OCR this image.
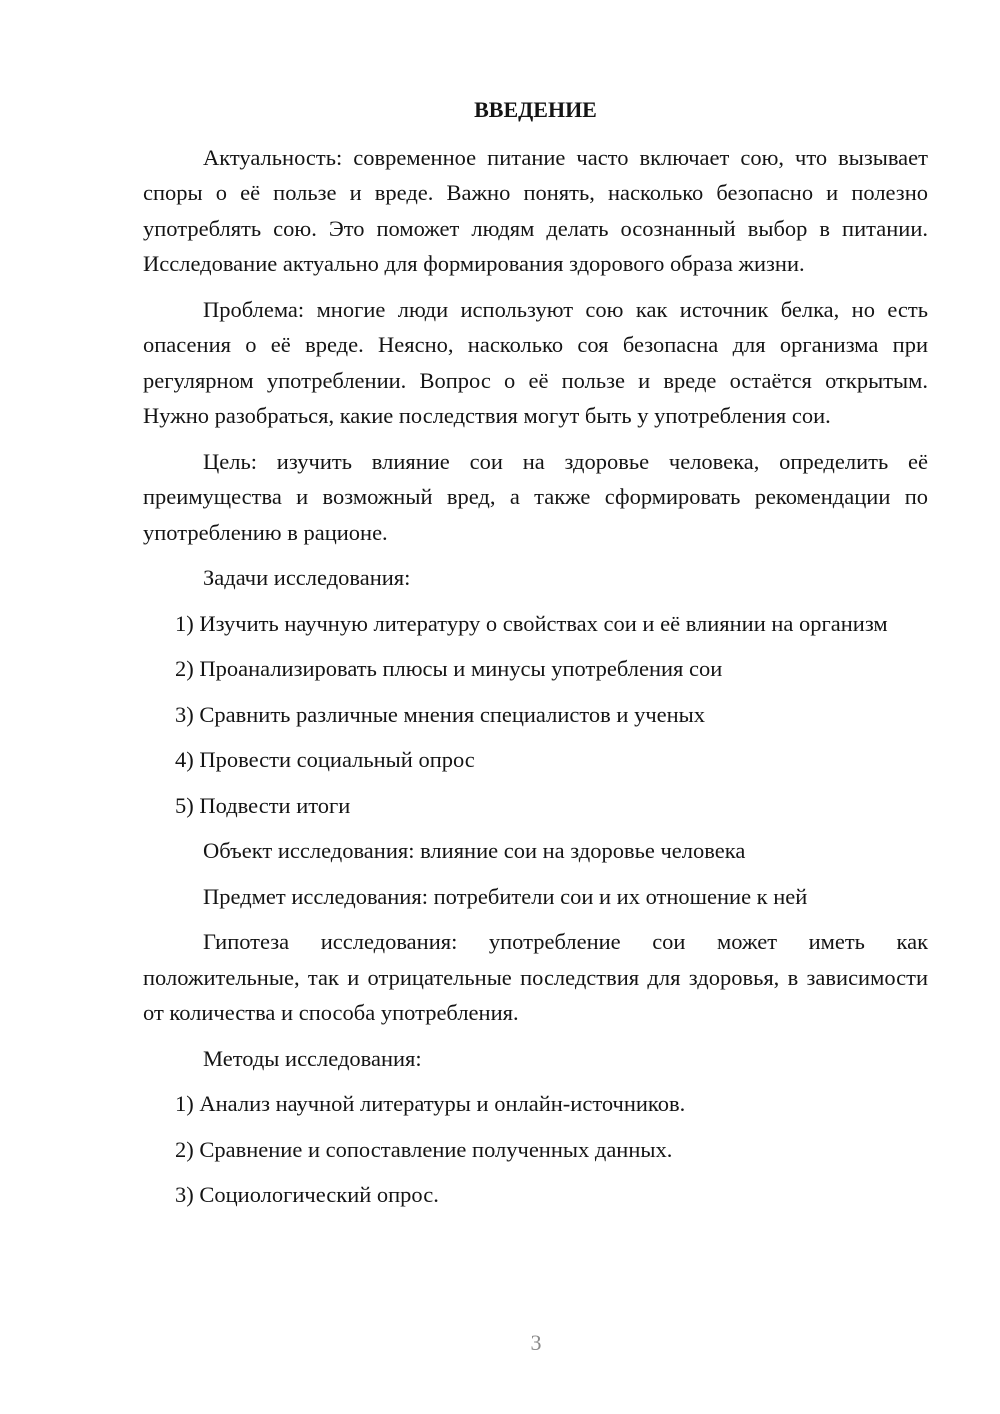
ВВЕДЕНИЕ

Актуальность: современное питание часто включает сою, что вызывает споры о её пользе и вреде. Важно понять, насколько безопасно и полезно употреблять сою. Это поможет людям делать осознанный выбор в питании. Исследование актуально для формирования здорового образа жизни.

Проблема: многие люди используют сою как источник белка, но есть опасения о её вреде. Неясно, насколько соя безопасна для организма при регулярном употреблении. Вопрос о её пользе и вреде остаётся открытым. Нужно разобраться, какие последствия могут быть у употребления сои.

Цель: изучить влияние сои на здоровье человека, определить её преимущества и возможный вред, а также сформировать рекомендации по употреблению в рационе.

Задачи исследования:

1) Изучить научную литературу о свойствах сои и её влиянии на организм

2) Проанализировать плюсы и минусы употребления сои

3) Сравнить различные мнения специалистов и ученых

4) Провести социальный опрос

5) Подвести итоги

Объект исследования: влияние сои на здоровье человека

Предмет исследования: потребители сои и их отношение к ней

Гипотеза исследования: употребление сои может иметь как положительные, так и отрицательные последствия для здоровья, в зависимости от количества и способа употребления.

Методы исследования:

1) Анализ научной литературы и онлайн-источников.

2) Сравнение и сопоставление полученных данных.

3) Социологический опрос.

3
